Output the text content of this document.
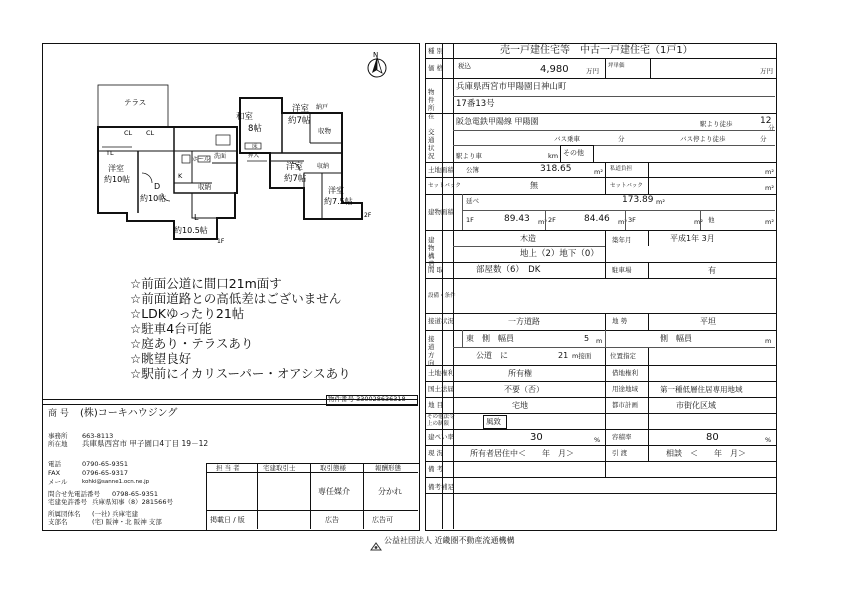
N
テラス
TL
CL CL
洋室
約10帖
D
約10帖
L
約10.5帖
K
収納
ホール 洗面
1F
和室
8帖
洋室
約7帖
納戸
収物
洋室
約7帖
収納
洋室
約7.5帖
床
押入
2F
☆前面公道に間口21m面す
☆前面道路との高低差はございません
☆LDKゆったり21帖
☆駐車4台可能
☆庭あり・テラスあり
☆眺望良好
☆駅前にイカリスーパー・オアシスあり
物件番号 330028636318
商 号 (株)コーキハウジング
事務所 663-8113
所在地 兵庫県西宮市 甲子園口4丁目 19－12
電話	0790-65-9351
FAX	0796-65-9317
メール	kohki@sanne1.ocn.ne.jp
問合せ先電話番号 0798-65-9351
宅建免許番号 兵庫県知事（8）281566号
所属団体名 (一社) 兵庫宅建
支部名	(宅) 阪神・北 阪神 支部
担 当 者	宅建取引士	取引態様	報酬形態
専任媒介	分かれ
掲載日 / 版	広告	広告可
種 別	売一戸建住宅等　中古一戸建住宅（1戸1）
価 格 税込	4,980	万円
坪単価
万円
物件所在
兵庫県西宮市甲陽園日神山町
17番13号
交通状況
阪急電鉄甲陽線 甲陽園	駅より徒歩	12
分
バス乗車	分	バス停より徒歩	分
駅より車	km その他
土地面積 公簿	318.65	m² 私道負担	m²
セットバック	無	セットバック	m²
建物面積
延べ	173.89 m²
1F	89.43 m² 2F	84.46 m² 3F	m² 他	m²
建物構造
木造	築年月	平成1年 3月
地上（2）地下（0）
間 取	部屋数（6）　DK	駐車場	有
設備・条件
接道状況	一方道路	地 勢	平坦
接道方向
東　側　幅員	5 m	側　幅員	m
公道　に	21 m接面	位置指定
土地権利	所有権	借地権利
国土法届	不要（否）	用途地域	第一種低層住居専用地域
地 目	宅地	都市計画	市街化区域
その他法令上の制限	風致
建ぺい率	30	% 容積率	80	%
現 況	所有者居住中＜　　年　月＞	引 渡	相談　＜　　年　月＞
備 考
備考補足
公益社団法人 近畿圏不動産流通機構
